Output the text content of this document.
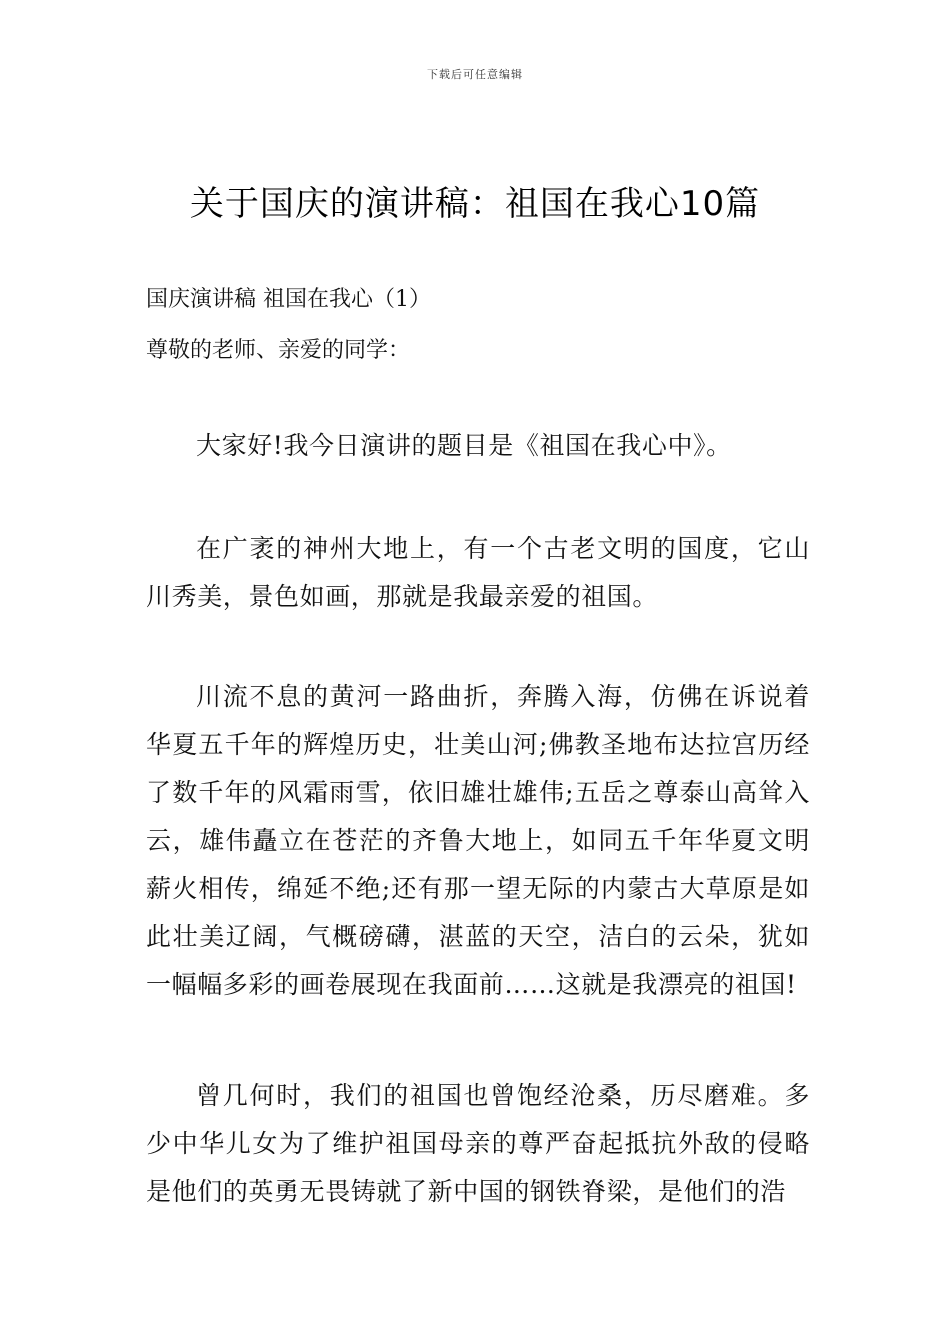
下载后可任意编辑
关于国庆的演讲稿：祖国在我心10篇
国庆演讲稿 祖国在我心（1）
尊敬的老师、亲爱的同学：

大家好!我今日演讲的题目是《祖国在我心中》。

在广袤的神州大地上，有一个古老文明的国度，它山川秀美，景色如画，那就是我最亲爱的祖国。

川流不息的黄河一路曲折，奔腾入海，仿佛在诉说着华夏五千年的辉煌历史，壮美山河;佛教圣地布达拉宫历经了数千年的风霜雨雪，依旧雄壮雄伟;五岳之尊泰山高耸入云，雄伟矗立在苍茫的齐鲁大地上，如同五千年华夏文明薪火相传，绵延不绝;还有那一望无际的内蒙古大草原是如此壮美辽阔，气概磅礴，湛蓝的天空，洁白的云朵，犹如一幅幅多彩的画卷展现在我面前……这就是我漂亮的祖国!

曾几何时，我们的祖国也曾饱经沧桑，历尽磨难。多少中华儿女为了维护祖国母亲的尊严奋起抵抗外敌的侵略是他们的英勇无畏铸就了新中国的钢铁脊梁，是他们的浩
